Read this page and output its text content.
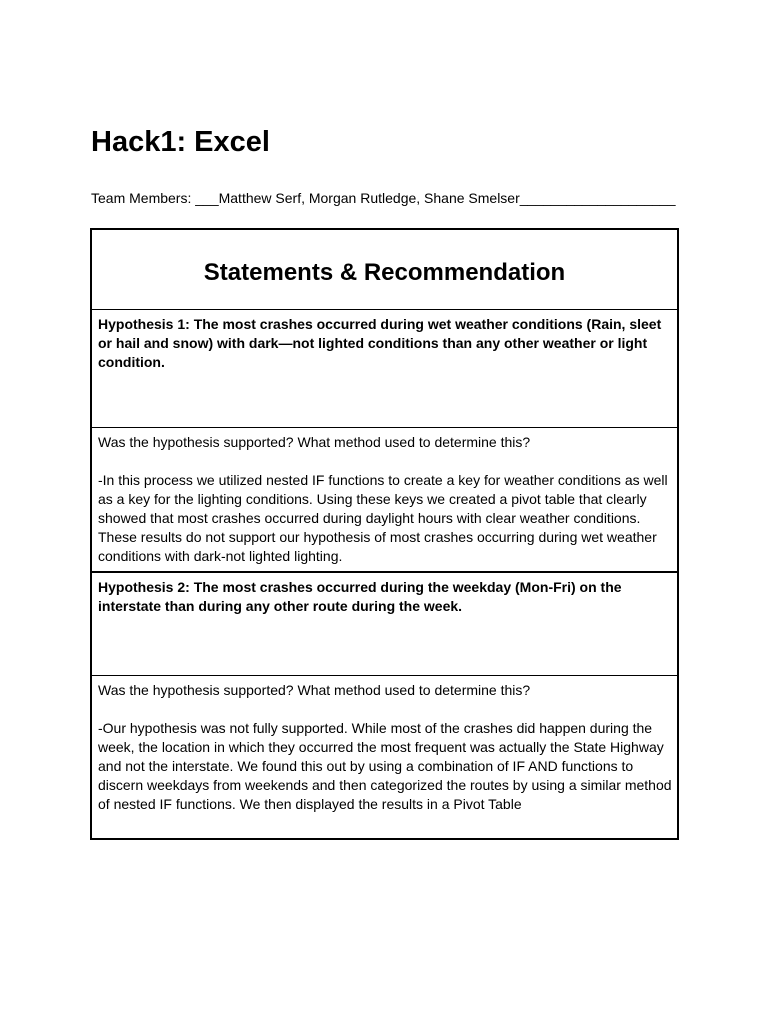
Hack1: Excel
Team Members: ___Matthew Serf, Morgan Rutledge, Shane Smelser____________________
Statements & Recommendation
Hypothesis 1: The most crashes occurred during wet weather conditions (Rain, sleet or hail and snow) with dark—not lighted conditions than any other weather or light condition.
Was the hypothesis supported? What method used to determine this?
-In this process we utilized nested IF functions to create a key for weather conditions as well as a key for the lighting conditions. Using these keys we created a pivot table that clearly showed that most crashes occurred during daylight hours with clear weather conditions. These results do not support our hypothesis of most crashes occurring during wet weather conditions with dark-not lighted lighting.
Hypothesis 2: The most crashes occurred during the weekday (Mon-Fri) on the interstate than during any other route during the week.
Was the hypothesis supported? What method used to determine this?
-Our hypothesis was not fully supported. While most of the crashes did happen during the week, the location in which they occurred the most frequent was actually the State Highway and not the interstate. We found this out by using a combination of IF AND functions to discern weekdays from weekends and then categorized the routes by using a similar method of nested IF functions. We then displayed the results in a Pivot Table
